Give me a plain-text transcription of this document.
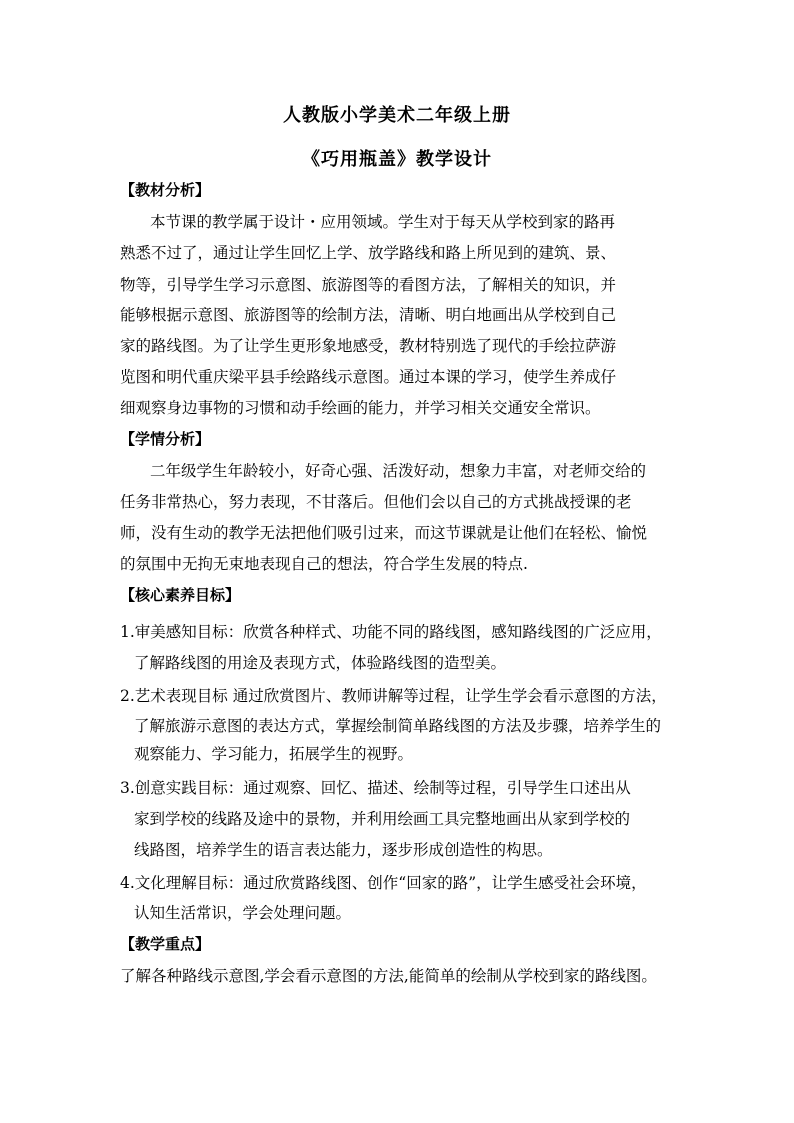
人教版小学美术二年级上册
《巧用瓶盖》教学设计
【教材分析】
本节课的教学属于设计・应用领域。学生对于每天从学校到家的路再
熟悉不过了，通过让学生回忆上学、放学路线和路上所见到的建筑、景、
物等，引导学生学习示意图、旅游图等的看图方法，了解相关的知识，并
能够根据示意图、旅游图等的绘制方法，清晰、明白地画出从学校到自己
家的路线图。为了让学生更形象地感受，教材特别选了现代的手绘拉萨游
览图和明代重庆梁平县手绘路线示意图。通过本课的学习，使学生养成仔
细观察身边事物的习惯和动手绘画的能力，并学习相关交通安全常识。
【学情分析】
二年级学生年龄较小，好奇心强、活泼好动，想象力丰富，对老师交给的
任务非常热心，努力表现，不甘落后。但他们会以自己的方式挑战授课的老
师，没有生动的教学无法把他们吸引过来，而这节课就是让他们在轻松、愉悦
的氛围中无拘无束地表现自己的想法，符合学生发展的特点.
【核心素养目标】
1.审美感知目标：欣赏各种样式、功能不同的路线图，感知路线图的广泛应用，
了解路线图的用途及表现方式，体验路线图的造型美。
2.艺术表现目标 通过欣赏图片、教师讲解等过程，让学生学会看示意图的方法，
了解旅游示意图的表达方式，掌握绘制简单路线图的方法及步骤，培养学生的
观察能力、学习能力，拓展学生的视野。
3.创意实践目标：通过观察、回忆、描述、绘制等过程，引导学生口述出从
家到学校的线路及途中的景物，并利用绘画工具完整地画出从家到学校的
线路图，培养学生的语言表达能力，逐步形成创造性的构思。
4.文化理解目标：通过欣赏路线图、创作“回家的路”，让学生感受社会环境，
认知生活常识，学会处理问题。
【教学重点】
了解各种路线示意图,学会看示意图的方法,能简单的绘制从学校到家的路线图。
